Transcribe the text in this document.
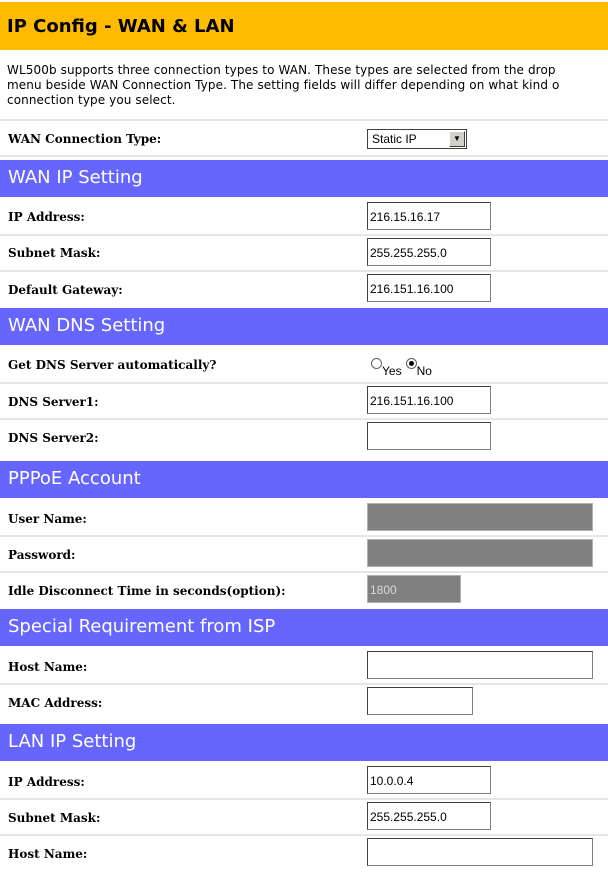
IP Config - WAN & LAN
WL500b supports three connection types to WAN. These types are selected from the drop
menu beside WAN Connection Type. The setting fields will differ depending on what kind o
connection type you select.
WAN Connection Type:	Static IP	▼
WAN IP Setting
IP Address:	216.15.16.17
Subnet Mask:	255.255.255.0
Default Gateway:	216.151.16.100
WAN DNS Setting
Get DNS Server automatically?	Yes No
DNS Server1:	216.151.16.100
DNS Server2:
PPPoE Account
User Name:
Password:
Idle Disconnect Time in seconds(option):	1800
Special Requirement from ISP
Host Name:
MAC Address:
LAN IP Setting
IP Address:	10.0.0.4
Subnet Mask:	255.255.255.0
Host Name:
